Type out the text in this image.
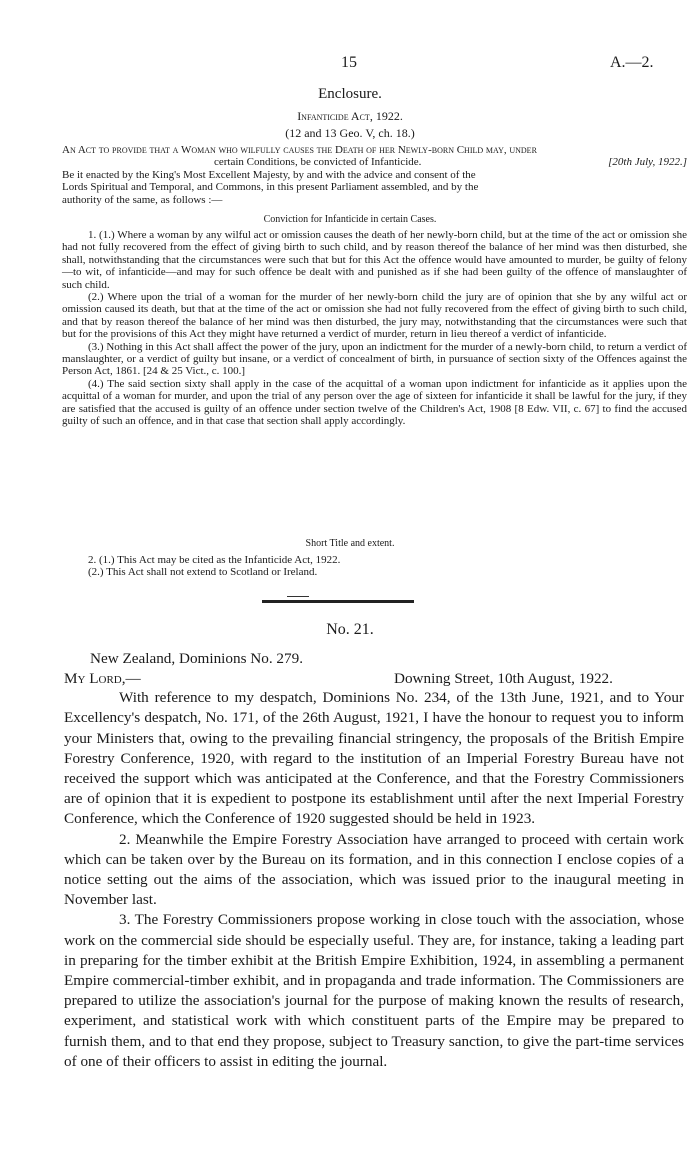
15	A.—2.
Enclosure.
Infanticide Act, 1922.
(12 and 13 Geo. V, ch. 18.)

An Act to provide that a Woman who wilfully causes the Death of her Newly-born Child may, under

certain Conditions, be convicted of Infanticide.	[20th July, 1922.]

Be it enacted by the King's Most Excellent Majesty, by and with the advice and consent of the

Lords Spiritual and Temporal, and Commons, in this present Parliament assembled, and by the

authority of the same, as follows :—

Conviction for Infanticide in certain Cases.

1. (1.) Where a woman by any wilful act or omission causes the death of her newly-born child, but at the time of the act or omission she had not fully recovered from the effect of giving birth to such child, and by reason thereof the balance of her mind was then disturbed, she shall, notwithstanding that the circumstances were such that but for this Act the offence would have amounted to murder, be guilty of felony—to wit, of infanticide—and may for such offence be dealt with and punished as if she had been guilty of the offence of manslaughter of such child.

(2.) Where upon the trial of a woman for the murder of her newly-born child the jury are of opinion that she by any wilful act or omission caused its death, but that at the time of the act or omission she had not fully recovered from the effect of giving birth to such child, and that by reason thereof the balance of her mind was then disturbed, the jury may, notwithstanding that the circumstances were such that but for the provisions of this Act they might have returned a verdict of murder, return in lieu thereof a verdict of infanticide.

(3.) Nothing in this Act shall affect the power of the jury, upon an indictment for the murder of a newly-born child, to return a verdict of manslaughter, or a verdict of guilty but insane, or a verdict of concealment of birth, in pursuance of section sixty of the Offences against the Person Act, 1861. [24 & 25 Vict., c. 100.]

(4.) The said section sixty shall apply in the case of the acquittal of a woman upon indictment for infanticide as it applies upon the acquittal of a woman for murder, and upon the trial of any person over the age of sixteen for infanticide it shall be lawful for the jury, if they are satisfied that the accused is guilty of an offence under section twelve of the Children's Act, 1908 [8 Edw. VII, c. 67] to find the accused guilty of such an offence, and in that case that section shall apply accordingly.

Short Title and extent.

2. (1.) This Act may be cited as the Infanticide Act, 1922.

(2.) This Act shall not extend to Scotland or Ireland.

No. 21.

New Zealand, Dominions No. 279.

My Lord,—	Downing Street, 10th August, 1922.

With reference to my despatch, Dominions No. 234, of the 13th June, 1921, and to Your Excellency's despatch, No. 171, of the 26th August, 1921, I have the honour to request you to inform your Ministers that, owing to the prevailing financial stringency, the proposals of the British Empire Forestry Conference, 1920, with regard to the institution of an Imperial Forestry Bureau have not received the support which was anticipated at the Conference, and that the Forestry Commissioners are of opinion that it is expedient to postpone its establishment until after the next Imperial Forestry Conference, which the Conference of 1920 suggested should be held in 1923.

2. Meanwhile the Empire Forestry Association have arranged to proceed with certain work which can be taken over by the Bureau on its formation, and in this connection I enclose copies of a notice setting out the aims of the association, which was issued prior to the inaugural meeting in November last.

3. The Forestry Commissioners propose working in close touch with the association, whose work on the commercial side should be especially useful. They are, for instance, taking a leading part in preparing for the timber exhibit at the British Empire Exhibition, 1924, in assembling a permanent Empire commercial-timber exhibit, and in propaganda and trade information. The Commissioners are prepared to utilize the association's journal for the purpose of making known the results of research, experiment, and statistical work with which constituent parts of the Empire may be prepared to furnish them, and to that end they propose, subject to Treasury sanction, to give the part-time services of one of their officers to assist in editing the journal.
